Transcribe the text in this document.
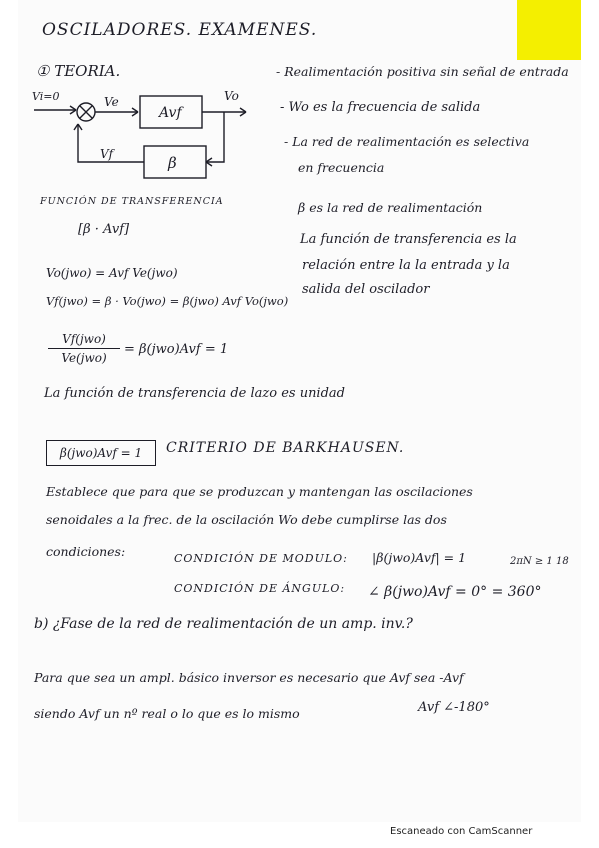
OSCILADORES. EXAMENES.
① TEORIA.
Vi=0	Ve	Vo
Vf
Avf
β
- Realimentación positiva sin señal de entrada
- Wo es la frecuencia de salida
- La red de realimentación es selectiva
en frecuencia
β es la red de realimentación
La función de transferencia es la
relación entre la la entrada y la
salida del oscilador
FUNCIÓN DE TRANSFERENCIA
[β · Avf]
Vo(jwo) = Avf Ve(jwo)
Vf(jwo) = β · Vo(jwo) = β(jwo) Avf Vo(jwo)
Vf(jwo)
Ve(jwo)
= β(jwo)Avf = 1
La función de transferencia de lazo es unidad
β(jwo)Avf = 1	CRITERIO DE BARKHAUSEN.
Establece que para que se produzcan y mantengan las oscilaciones
senoidales a la frec. de la oscilación Wo debe cumplirse las dos
condiciones:	CONDICIÓN DE MODULO: |β(jwo)Avf| = 1	2πN ≥ 1 18
CONDICIÓN DE ÁNGULO: ∠ β(jwo)Avf = 0° = 360°
b) ¿Fase de la red de realimentación de un amp. inv.?
Para que sea un ampl. básico inversor es necesario que Avf sea -Avf
siendo Avf un nº real o lo que es lo mismo	Avf ∠-180°
Escaneado con CamScanner
